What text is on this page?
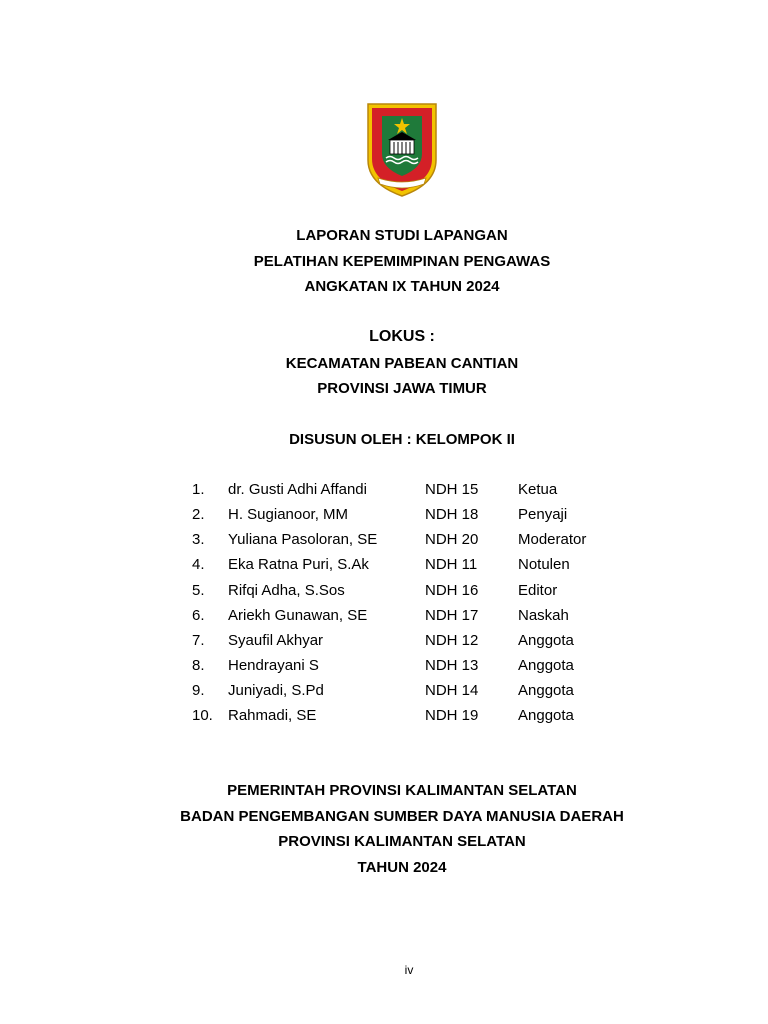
LAPORAN STUDI LAPANGAN
PELATIHAN KEPEMIMPINAN PENGAWAS
ANGKATAN IX TAHUN 2024
LOKUS :
KECAMATAN PABEAN CANTIAN
PROVINSI JAWA TIMUR
DISUSUN OLEH : KELOMPOK II
1. dr. Gusti Adhi Affandi	NDH 15	Ketua
2. H. Sugianoor, MM	NDH 18	Penyaji
3. Yuliana Pasoloran, SE	NDH 20	Moderator
4. Eka Ratna Puri, S.Ak	NDH 11	Notulen
5. Rifqi Adha, S.Sos	NDH 16	Editor
6. Ariekh Gunawan, SE	NDH 17	Naskah
7. Syaufil Akhyar	NDH 12	Anggota
8. Hendrayani S	NDH 13	Anggota
9. Juniyadi, S.Pd	NDH 14	Anggota
10. Rahmadi, SE	NDH 19	Anggota
PEMERINTAH PROVINSI KALIMANTAN SELATAN
BADAN PENGEMBANGAN SUMBER DAYA MANUSIA DAERAH
PROVINSI KALIMANTAN SELATAN
TAHUN 2024
iv
